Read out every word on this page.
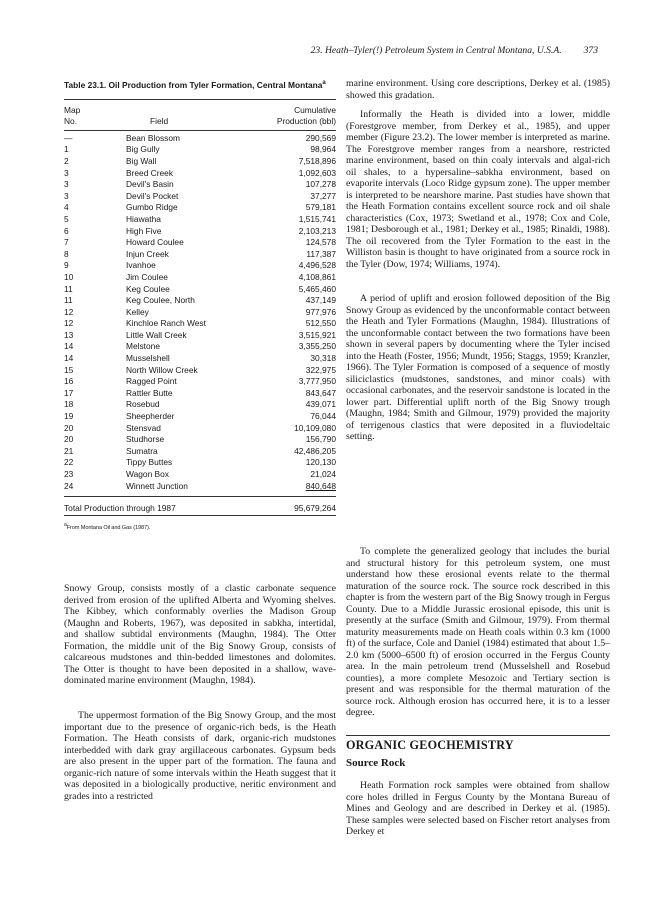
23. Heath–Tyler(!) Petroleum System in Central Montana, U.S.A. 373
Table 23.1. Oil Production from Tyler Formation, Central Montana$^a$
Map
No.	Field
Cumulative
Production (bbl)
—	Bean Blossom	290,569
1	Big Gully	98,964
2	Big Wall	7,518,896
3	Breed Creek	1,092,603
3	Devil's Basin	107,278
3	Devil's Pocket	37,277
4	Gumbo Ridge	579,181
5	Hiawatha	1,515,741
6	High Five	2,103,213
7	Howard Coulee	124,578
8	Injun Creek	117,387
9	Ivanhoe	4,496,528
10	Jim Coulee	4,108,861
11	Keg Coulee	5,465,460
11	Keg Coulee, North	437,149
12	Kelley	977,976
12	Kinchloe Ranch West	512,550
13	Little Wall Creek	3,515,921
14	Melstone	3,355,250
14	Musselshell	30,318
15	North Willow Creek	322,975
16	Ragged Point	3,777,950
17	Rattler Butte	843,647
18	Rosebud	439,071
19	Sheepherder	76,044
20	Stensvad	10,109,080
20	Studhorse	156,790
21	Sumatra	42,486,205
22	Tippy Buttes	120,130
23	Wagon Box	21,024
24	Winnett Junction	840,648
Total Production through 1987	95,679,264
$^a$From Montana Oil and Gas (1987).

Snowy Group, consists mostly of a clastic carbonate sequence derived from erosion of the uplifted Alberta and Wyoming shelves. The Kibbey, which conformably overlies the Madison Group (Maughn and Roberts, 1967), was deposited in sabkha, intertidal, and shallow subtidal environments (Maughn, 1984). The Otter Formation, the middle unit of the Big Snowy Group, consists of calcareous mudstones and thin-bedded limestones and dolomites. The Otter is thought to have been deposited in a shallow, wave-dominated marine environment (Maughn, 1984).

The uppermost formation of the Big Snowy Group, and the most important due to the presence of organic-rich beds, is the Heath Formation. The Heath consists of dark, organic-rich mudstones interbedded with dark gray argillaceous carbonates. Gypsum beds are also present in the upper part of the formation. The fauna and organic-rich nature of some intervals within the Heath suggest that it was deposited in a biologically productive, neritic environment and grades into a restricted

marine environment. Using core descriptions, Derkey et al. (1985) showed this gradation.

Informally the Heath is divided into a lower, middle (Forestgrove member, from Derkey et al., 1985), and upper member (Figure 23.2). The lower member is interpreted as marine. The Forestgrove member ranges from a nearshore, restricted marine environment, based on thin coaly intervals and algal-rich oil shales, to a hypersaline–sabkha environment, based on evaporite intervals (Loco Ridge gypsum zone). The upper member is interpreted to be nearshore marine. Past studies have shown that the Heath Formation contains excellent source rock and oil shale characteristics (Cox, 1973; Swetland et al., 1978; Cox and Cole, 1981; Desborough et al., 1981; Derkey et al., 1985; Rinaldi, 1988). The oil recovered from the Tyler Formation to the east in the Williston basin is thought to have originated from a source rock in the Tyler (Dow, 1974; Williams, 1974).

A period of uplift and erosion followed deposition of the Big Snowy Group as evidenced by the unconformable contact between the Heath and Tyler Formations (Maughn, 1984). Illustrations of the unconformable contact between the two formations have been shown in several papers by documenting where the Tyler incised into the Heath (Foster, 1956; Mundt, 1956; Staggs, 1959; Kranzler, 1966). The Tyler Formation is composed of a sequence of mostly siliciclastics (mudstones, sandstones, and minor coals) with occasional carbonates, and the reservoir sandstone is located in the lower part. Differential uplift north of the Big Snowy trough (Maughn, 1984; Smith and Gilmour, 1979) provided the majority of terrigenous clastics that were deposited in a fluviodeltaic setting.

To complete the generalized geology that includes the burial and structural history for this petroleum system, one must understand how these erosional events relate to the thermal maturation of the source rock. The source rock described in this chapter is from the western part of the Big Snowy trough in Fergus County. Due to a Middle Jurassic erosional episode, this unit is presently at the surface (Smith and Gilmour, 1979). From thermal maturity measurements made on Heath coals within 0.3 km (1000 ft) of the surface, Cole and Daniel (1984) estimated that about 1.5–2.0 km (5000–6500 ft) of erosion occurred in the Fergus County area. In the main petroleum trend (Musselshell and Rosebud counties), a more complete Mesozoic and Tertiary section is present and was responsible for the thermal maturation of the source rock. Although erosion has occurred here, it is to a lesser degree.

ORGANIC GEOCHEMISTRY
Source Rock

Heath Formation rock samples were obtained from shallow core holes drilled in Fergus County by the Montana Bureau of Mines and Geology and are described in Derkey et al. (1985). These samples were selected based on Fischer retort analyses from Derkey et
